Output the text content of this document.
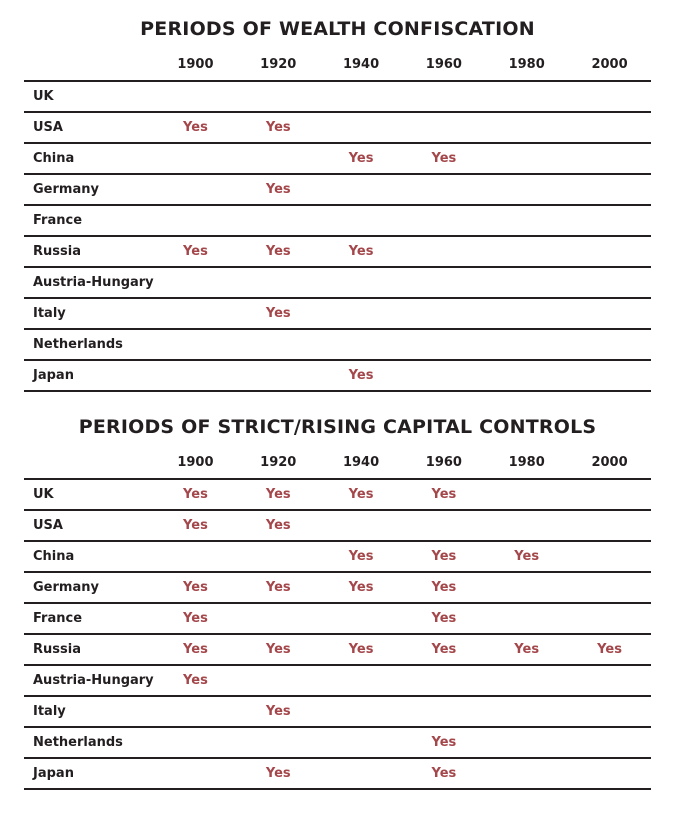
PERIODS OF WEALTH CONFISCATION
	1900	1920	1940	1960	1980	2000
UK						
USA	Yes	Yes				
China			Yes	Yes		
Germany		Yes				
France						
Russia	Yes	Yes	Yes			
Austria-Hungary						
Italy		Yes				
Netherlands						
Japan			Yes			
PERIODS OF STRICT/RISING CAPITAL CONTROLS
	1900	1920	1940	1960	1980	2000
UK	Yes	Yes	Yes	Yes		
USA	Yes	Yes				
China			Yes	Yes	Yes	
Germany	Yes	Yes	Yes	Yes		
France	Yes			Yes		
Russia	Yes	Yes	Yes	Yes	Yes	Yes
Austria-Hungary	Yes					
Italy		Yes				
Netherlands				Yes		
Japan		Yes		Yes		
